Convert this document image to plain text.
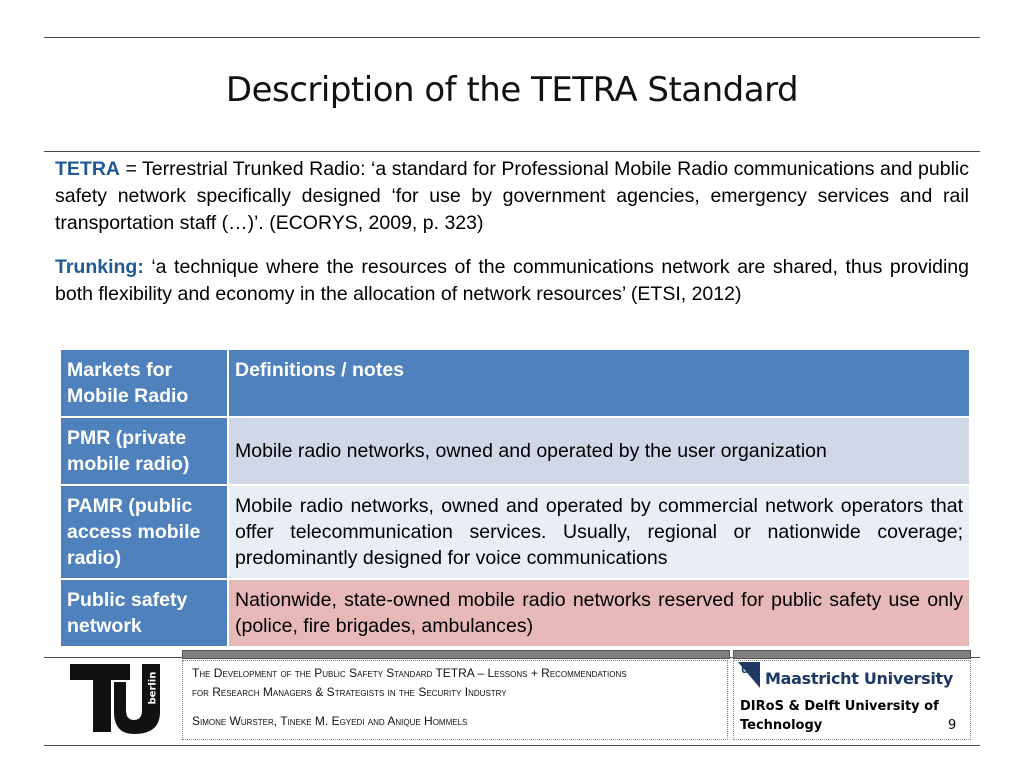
Description of the TETRA Standard
TETRA = Terrestrial Trunked Radio: ‘a standard for Professional Mobile Radio communications and public safety network specifically designed ‘for use by government agencies, emergency services and rail transportation staff (…)’. (ECORYS, 2009, p. 323)
Trunking: ‘a technique where the resources of the communications network are shared, thus providing both flexibility and economy in the allocation of network resources’ (ETSI, 2012)
Markets for Mobile Radio	Definitions / notes
PMR (private mobile radio)	Mobile radio networks, owned and operated by the user organization
PAMR (public access mobile radio)	Mobile radio networks, owned and operated by commercial network operators that offer telecommunication services. Usually, regional or nationwide coverage; predominantly designed for voice communications
Public safety network	Nationwide, state-owned mobile radio networks reserved for public safety use only (police, fire brigades, ambulances)
berlin	The Development of the Public Safety Standard TETRA – Lessons + Recommendations
for Research Managers & Strategists in the Security Industry
Simone Wurster, Tineke M. Egyedi and Anique Hommels
UM Maastricht University
DIRoS & Delft University of Technology	9
